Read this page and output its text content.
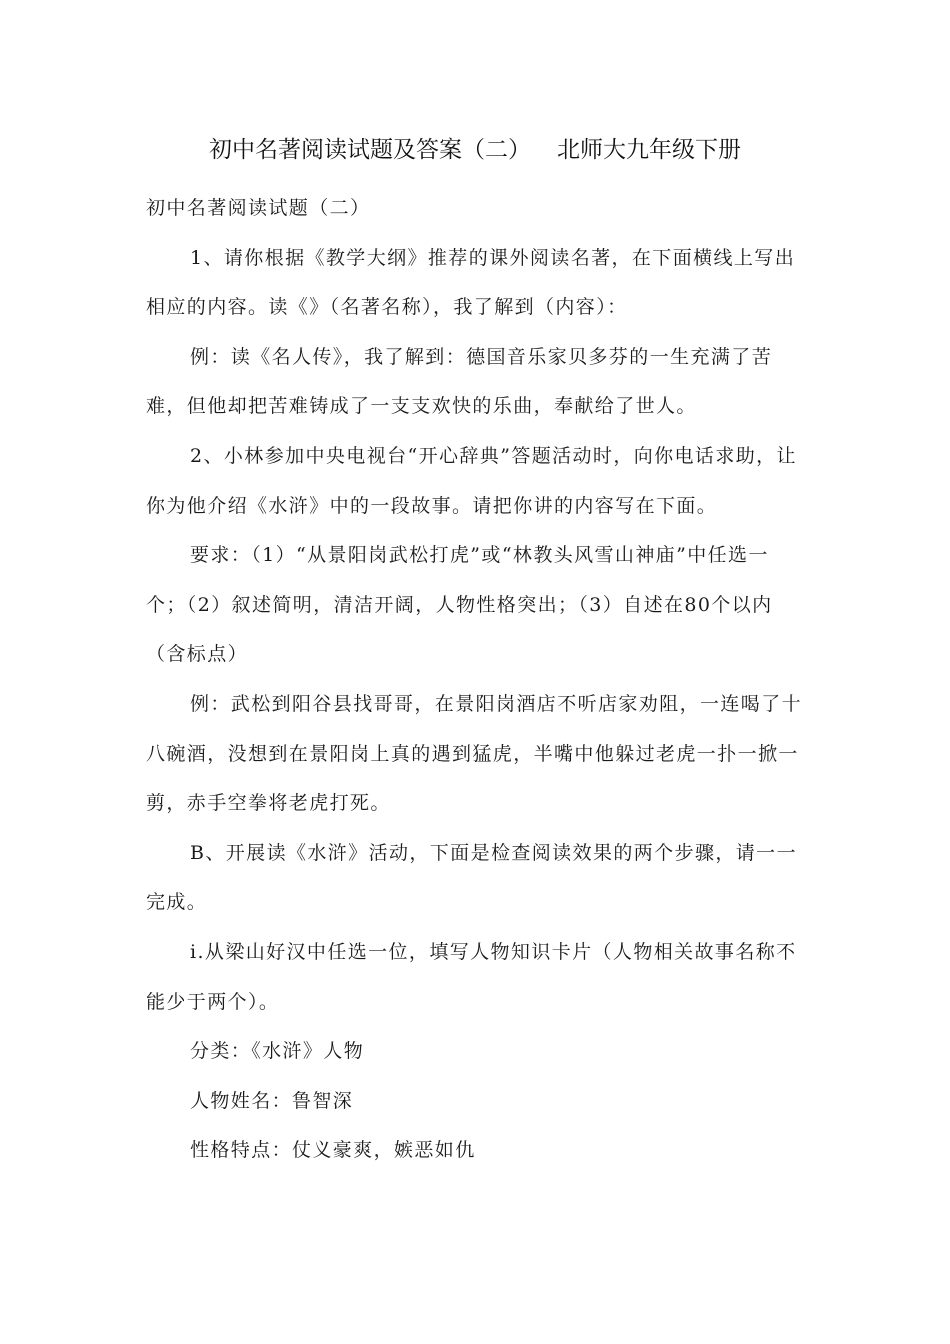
初中名著阅读试题及答案（二） 北师大九年级下册

初中名著阅读试题（二）

1、请你根据《教学大纲》推荐的课外阅读名著，在下面横线上写出相应的内容。读《》（名著名称），我了解到（内容）：

例：读《名人传》，我了解到：德国音乐家贝多芬的一生充满了苦难，但他却把苦难铸成了一支支欢快的乐曲，奉献给了世人。

2、小林参加中央电视台“开心辞典”答题活动时，向你电话求助，让你为他介绍《水浒》中的一段故事。请把你讲的内容写在下面。

要求：（1）“从景阳岗武松打虎”或“林教头风雪山神庙”中任选一个；（2）叙述简明，清洁开阔，人物性格突出；（3）自述在80个以内（含标点）

例：武松到阳谷县找哥哥，在景阳岗酒店不听店家劝阻，一连喝了十八碗酒，没想到在景阳岗上真的遇到猛虎，半嘴中他躲过老虎一扑一掀一剪，赤手空拳将老虎打死。

B、开展读《水浒》活动，下面是检查阅读效果的两个步骤，请一一完成。

i.从梁山好汉中任选一位，填写人物知识卡片（人物相关故事名称不能少于两个）。

分类：《水浒》人物

人物姓名：鲁智深

性格特点：仗义豪爽，嫉恶如仇
